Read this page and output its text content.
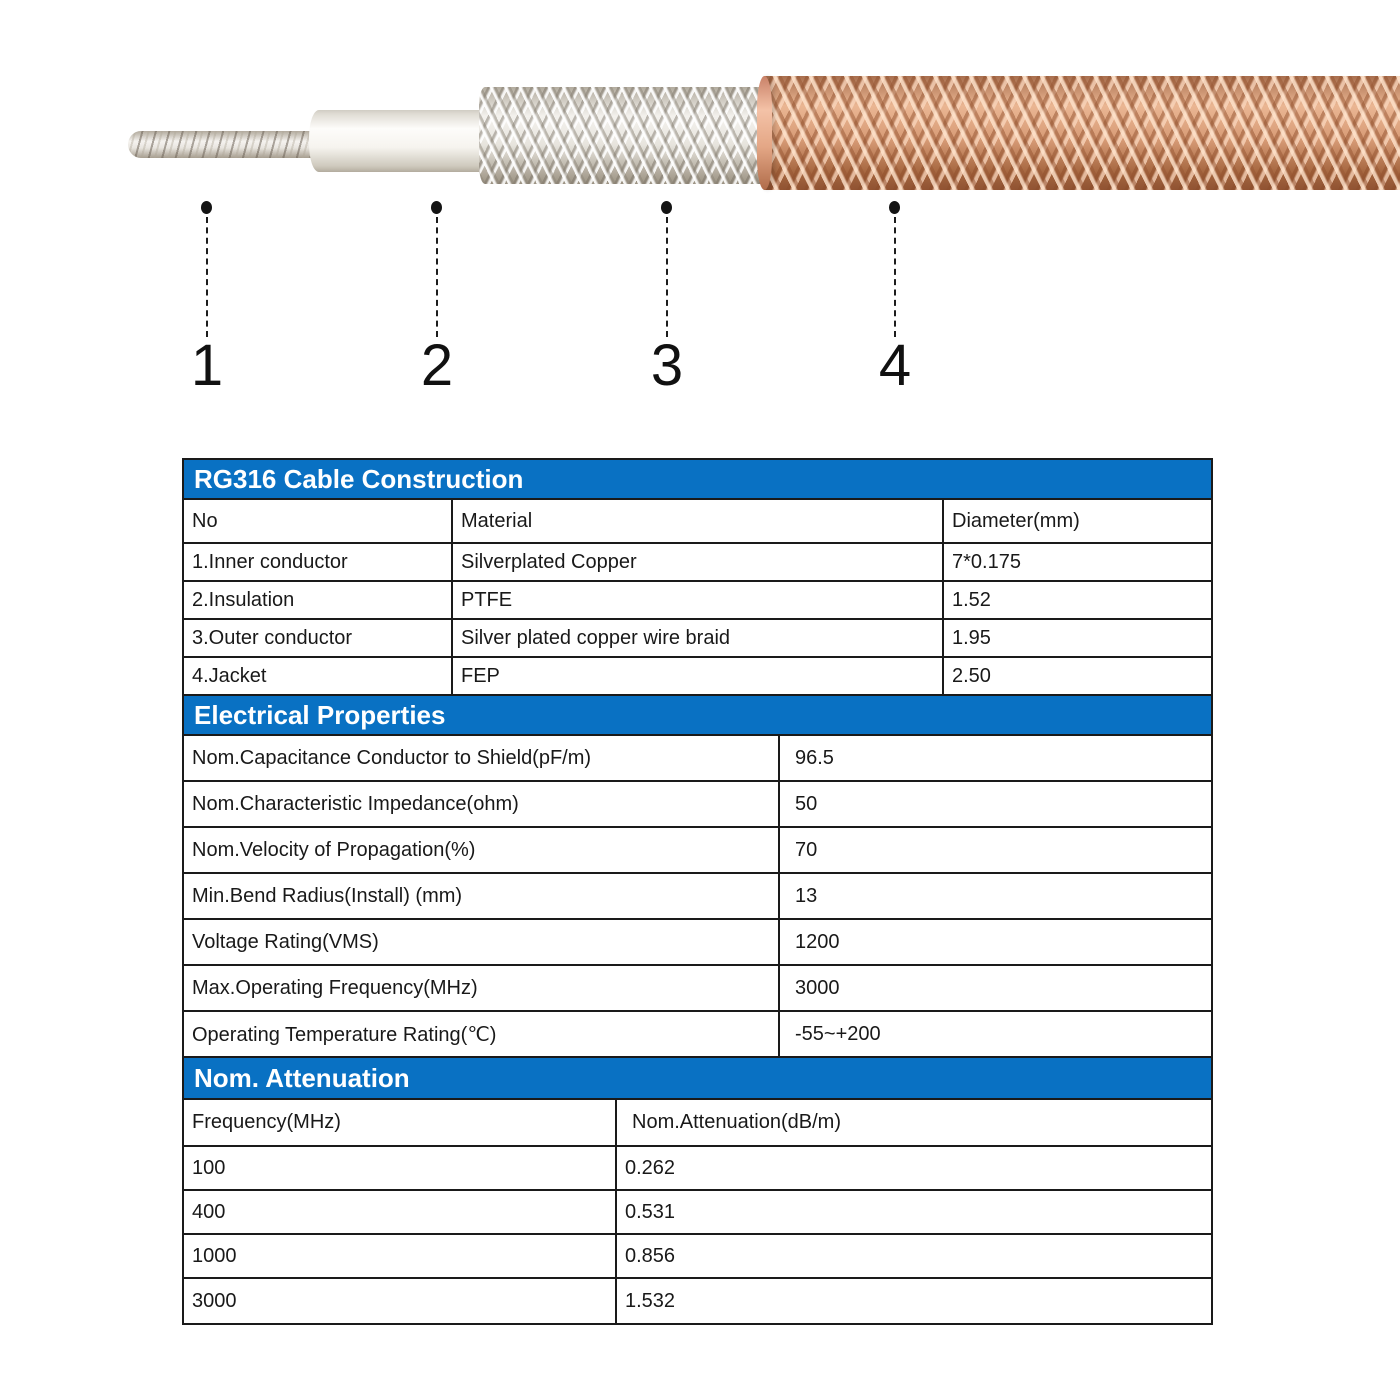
1	2	3	4
RG316 Cable Construction
No	Material	Diameter(mm)
1.Inner conductor	Silverplated Copper	7*0.175
2.Insulation	PTFE	1.52
3.Outer conductor	Silver plated copper wire braid	1.95
4.Jacket	FEP	2.50
Electrical Properties
Nom.Capacitance Conductor to Shield(pF/m)	96.5
Nom.Characteristic Impedance(ohm)	50
Nom.Velocity of Propagation(%)	70
Min.Bend Radius(Install) (mm)	13
Voltage Rating(VMS)	1200
Max.Operating Frequency(MHz)	3000
Operating Temperature Rating(℃)	-55~+200
Nom. Attenuation
Frequency(MHz)	Nom.Attenuation(dB/m)
100	0.262
400	0.531
1000	0.856
3000	1.532
